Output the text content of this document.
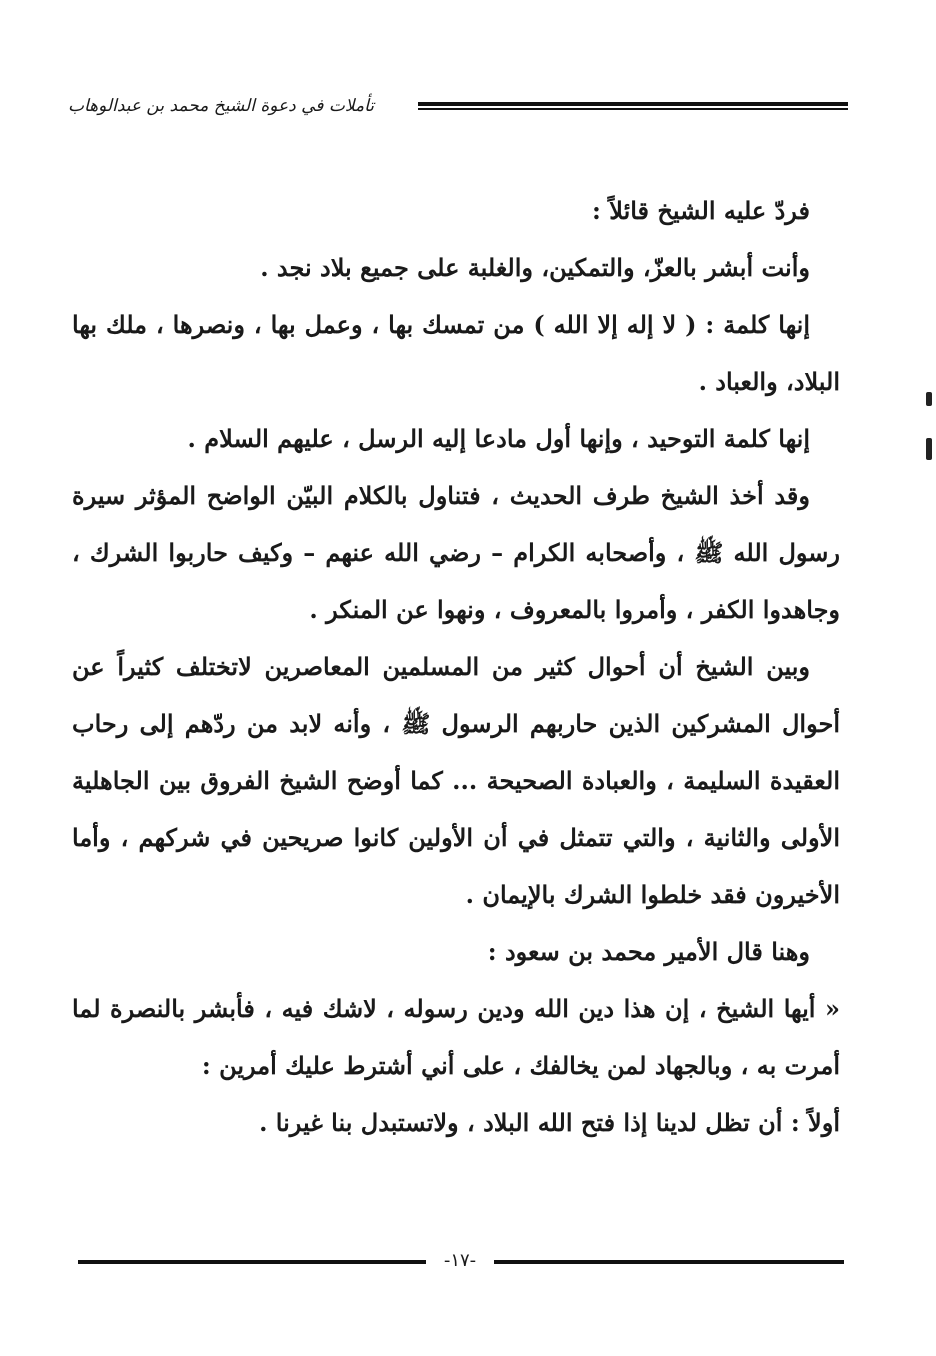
تأملات في دعوة الشيخ محمد بن عبدالوهاب

فردّ عليه الشيخ قائلاً :

وأنت أبشر بالعزّ، والتمكين، والغلبة على جميع بلاد نجد .

إنها كلمة : ( لا إله إلا الله ) من تمسك بها ، وعمل بها ، ونصرها ، ملك بها البلاد، والعباد .

إنها كلمة التوحيد ، وإنها أول مادعا إليه الرسل ، عليهم السلام .

وقد أخذ الشيخ طرف الحديث ، فتناول بالكلام البيّن الواضح المؤثر سيرة رسول الله ﷺ ، وأصحابه الكرام – رضي الله عنهم – وكيف حاربوا الشرك ، وجاهدوا الكفر ، وأمروا بالمعروف ، ونهوا عن المنكر .

وبين الشيخ أن أحوال كثير من المسلمين المعاصرين لاتختلف كثيراً عن أحوال المشركين الذين حاربهم الرسول ﷺ ، وأنه لابد من ردّهم إلى رحاب العقيدة السليمة ، والعبادة الصحيحة ... كما أوضح الشيخ الفروق بين الجاهلية الأولى والثانية ، والتي تتمثل في أن الأولين كانوا صريحين في شركهم ، وأما الأخيرون فقد خلطوا الشرك بالإيمان .

وهنا قال الأمير محمد بن سعود :

« أيها الشيخ ، إن هذا دين الله ودين رسوله ، لاشك فيه ، فأبشر بالنصرة لما أمرت به ، وبالجهاد لمن يخالفك ، على أني أشترط عليك أمرين :

أولاً : أن تظل لدينا إذا فتح الله البلاد ، ولاتستبدل بنا غيرنا .

-١٧-
